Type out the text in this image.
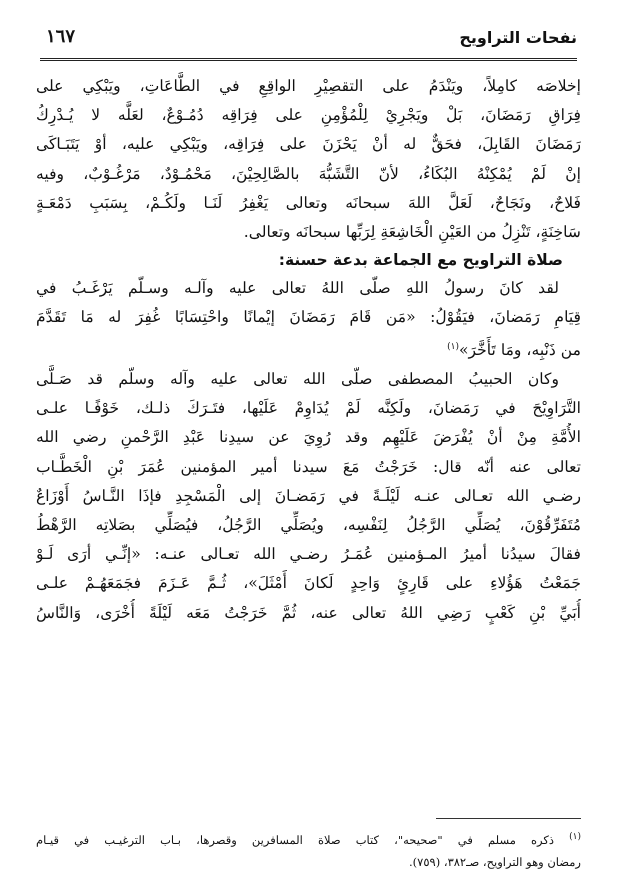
نفحات التراويح
١٦٧
إخلاصَه كامِلاً، ويَنْدَمُ على التقصِيْرِ الواقِعِ في الطَّاعَاتِ، ويَبْكِي على
فِرَاقِ رَمَضَانَ، بَلْ ويَجْرِيْ لِلْمُؤْمِنِ على فِرَاقِه دُمُـوْعٌ، لعَلَّه لا يُـدْرِكُ
رَمَضَانَ القَابِلَ، فحَقٌّ له أنْ يَحْزَنَ على فِرَاقِه، ويَبْكِي عليه، أوْ يَتَبَـاكَى
إنْ لَمْ يُمْكِنْهُ البُكَاءُ، لأنّ التَّشَبُّهَ بالصَّالِحِيْنَ، مَحْمُـوْدٌ، مَرْغُـوْبٌ، وفيه
فَلاحٌ، ونَجَاحٌ، لَعَلَّ اللهَ سبحانَه وتعالى يَغْفِرُ لَنَـا ولَكُـمْ، بِسَبَبِ دَمْعَـةٍ
سَاخِنَةٍ، تَنْزِلُ من العَيْنِ الْخَاشِعَةِ لِرَبِّها سبحانَه وتعالى.
صلاة التراويح مع الجماعة بدعة حسنة:
لقد كانَ رسولُ اللهِ صلّى اللهُ تعالى عليه وآلـه وسـلّم يَرْغَـبُ في
قِيَامِ رَمَضانَ، فيَقُوْلُ: «مَن قَامَ رَمَضَانَ إيْمانًا واحْتِسَابًا غُفِرَ له مَا تَقَدَّمَ
من ذَنْبِه، ومَا تَأَخَّرَ»$^{(١)}$
وكان الحبيبُ المصطفى صلّى الله تعالى عليه وآله وسلّم قد صَـلَّى
التَّرَاوِيْحَ في رَمَضانَ، ولَكِنَّه لَمْ يُدَاوِمْ عَلَيْها، فتَـرَكَ ذلـك، خَوْفًـا علـى
الأُمَّةِ مِنْ أنْ يُفْرَضَ عَلَيْهِم وقد رُوِيَ عن سيدِنا عَبْدِ الرَّحْمنِ رضي الله
تعالى عنه أنّه قال: خَرَجْتُ مَعَ سيدنا أمير المؤمنين عُمَرَ بْنِ الْخَطَّـاب
رضـي الله تعـالى عنـه لَيْلَـةً في رَمَضـانَ إلى الْمَسْجِدِ فإذَا النَّـاسُ أَوْزَاعٌ
مُتَفَرِّقُوْنَ، يُصَلِّي الرَّجُلُ لِنَفْسِه، ويُصَلِّي الرَّجُلُ، فيُصَلِّي بصَلاتِه الرَّهْطُ
فقالَ سيدُنا أميرُ المـؤمنين عُمَـرُ رضـي الله تعـالى عنـه: «إنِّـي أرَى لَـوْ
جَمَعْتُ هَؤُلاءِ على قَارِئٍ وَاحِدٍ لَكانَ أَمْثَلَ»، ثُـمَّ عَـزَمَ فجَمَعَهُـمْ علـى
أُبَيِّ بْنِ كَعْبٍ رَضِي اللهُ تعالى عنه، ثُمَّ خَرَجْتُ مَعَه لَيْلَةً أُخْرَى، وَالنَّاسُ
$^{(١)}$ ذكره مسلم في "صحيحه"، كتاب صلاة المسافرين وقصرها، بـاب الترغيـب في قيـام
رمضان وهو التراويح، صـ٣٨٢، (٧٥٩).
